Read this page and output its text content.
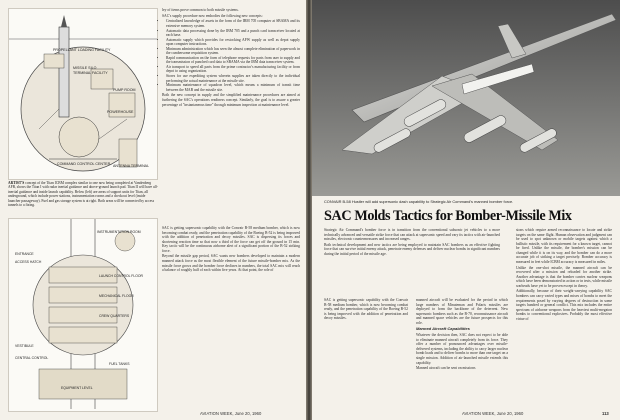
PROPELLANT LOADING FACILITY
MISSILE SILO
TERMINAL FACILITY
PUMP ROOM
POWERHOUSE
COMMAND CONTROL CENTER ANTENNA TERMINAL
ARTIST'S concept of the Titan ICBM complex similar to one now being completed at Vandenberg AFB, shows the Titan I with radar inertial guidance and above-ground launch pad. Titan II will have all-inertial guidance and inside launch capability. Below (left) are areas of support units for Titan, all underground, which include power stations, instrumentation rooms and a checkout level (inside launcher passageway). Fuel and gas storage system is at right. Both areas will be connected by access tunnels to a fixing.
INSTRUMENTATION ROOM
LAUNCH CONTROL FLOOR
MECHANICAL FLOOR
CREW QUARTERS
ENTRANCE
ACCESS HATCH
VESTIBULE
CENTRAL CONTROL
FUEL TANKS
EQUIPMENT LEVEL

ley of items prove common to both missile systems.

SAC's supply procedure now embodies the following new concepts:

• Centralized knowledge of assets in the form of the IBM 705 computer at SBAMA and its extensive memory system.
• Automatic data processing done by the IBM 705 and a punch card transceiver located at each base.
• Automatic supply which provides for restocking AFW supply as well as depot supply upon computer instructions.
• Minimum administration which has seen the almost complete elimination of paperwork in the cumbersome requisition system.
• Rapid communication on the form of telephone requests for parts from user to supply and the transmission of punched card data to SBAMA via the IBM data transceiver system.
• Air transport to speed all parts from the prime contractor's manufacturing facility or from depot to using organization.
• Stores for use expediting system wherein supplies are taken directly to the individual performing the actual maintenance at the missile site.
• Minimum maintenance of squadron level, which means a minimum of transit time between the MAB and the missile site.

Both the new concept in supply and the simplified maintenance procedures are aimed at furthering the SAC's operations readiness concept. Similarly, the goal is to assure a greater percentage of "instantaneous time" through minimum inspection at maintenance level.

SAC is getting supersonic capability with the Convair B-58 medium bomber, which is now becoming combat ready, and the penetration capability of the Boeing B-52 is being improved with the addition of penetration and decoy missiles. SAC is dispersing its forces and shortening reaction time so that now a third of the force can get off the ground in 15 min. Key tactic will be the continuous airborne alert of a significant portion of the B-52 striking force.

Beyond the missile gap period, SAC wants new bombers developed to maintain a modern manned attack force as the most flexible element of the future missile-bomber mix. As the missile force grows and the bomber force declines in numbers, the total SAC mix will reach a balance of roughly half of each within five years. At that point, the role of

AVIATION WEEK, June 20, 1960
CONVAIR B-58 Hustler will add supersonic dash capability to Strategic Air Command's manned bomber force.
SAC Molds Tactics for Bomber-Missile Mix

Strategic Air Command's bomber force is in transition from the conventional subsonic jet vehicles to a more technically advanced and versatile strike force that can attack at supersonic speed and vary its tactics with air-launched missiles, electronic countermeasures and increased ranges.

Both technical development and new tactics are being employed to maintain SAC bombers as an effective fighting force that can survive initial enemy attack, penetrate enemy defenses and deliver nuclear bombs in significant numbers during the initial period of the missile age.

SAC is getting supersonic capability with the Convair B-58 medium bomber, which is now becoming combat ready, and the penetration capability of the Boeing B-52 is being improved with the addition of penetration and decoy missiles.

manned aircraft will be evaluated for the period in which large numbers of Minuteman and Polaris missiles are deployed to form the backbone of the deterrent. New supersonic bombers such as the B-70, reconnaissance aircraft and manned space vehicles are the future prospects for this role.

Manned Aircraft Capabilities

Whatever the decision then, SAC does not expect to be able to eliminate manned aircraft completely from its force. They offer a number of pronounced advantages over missile-delivered systems, including the ability to carry larger nuclear bomb loads and to deliver bombs to more than one target on a single mission. Addition of air-launched missile extends this capability.

Manned aircraft can be sent on missions

sions which require armed reconnaissance to locate and strike targets on the same flight. Human observation and judgment can be used to spot unknown or mobile targets against which a ballistic missile, with its requirement for a known target, cannot be fired. Unlike the missile, the bomber's mission can be changed while it is on its way, and the bomber can do a more accurate job of striking a target precisely. Bomber accuracy is measured in feet while ICBM accuracy is measured in miles.

Unlike the one-shot missile, the manned aircraft can be recovered after a mission and reloaded for another strike. Another advantage is that the bomber carries nuclear weapons which have been demonstrated in action or in tests, while missile warheads have yet to be proven except in theory.

Additionally, because of their weight-carrying capability SAC bombers can carry varied types and mixes of bombs to meet the requirements posed by varying degrees of destruction in some targets hundred or general conflict. This mix includes the entire spectrum of airborne weapons from the heaviest multi-megaton bombs to conventional explosives. Probably the most effective virtue of

AVIATION WEEK, June 20, 1960	113
